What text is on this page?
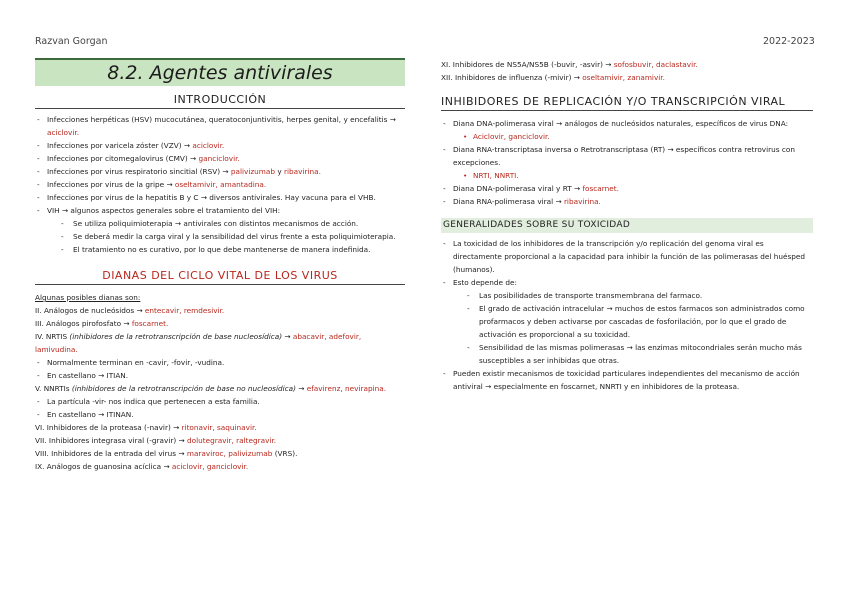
Razvan Gorgan	2022-2023
8.2. Agentes antivirales
INTRODUCCIÓN
- Infecciones herpéticas (HSV) mucocutánea, queratoconjuntivitis, herpes genital, y encefalitis → aciclovir.
- Infecciones por varicela zóster (VZV) → aciclovir.
- Infecciones por citomegalovirus (CMV) → ganciclovir.
- Infecciones por virus respiratorio sincitial (RSV) → palivizumab y ribavirina.
- Infecciones por virus de la gripe → oseltamivir, amantadina.
- Infecciones por virus de la hepatitis B y C → diversos antivirales. Hay vacuna para el VHB.
- VIH → algunos aspectos generales sobre el tratamiento del VIH:
- Se utiliza poliquimioterapia → antivirales con distintos mecanismos de acción.
- Se deberá medir la carga viral y la sensibilidad del virus frente a esta poliquimioterapia.
- El tratamiento no es curativo, por lo que debe mantenerse de manera indefinida.
DIANAS DEL CICLO VITAL DE LOS VIRUS

Algunas posibles dianas son:

II. Análogos de nucleósidos → entecavir, remdesivir.

III. Análogos pirofosfato → foscarnet.

IV. NRTIS (inhibidores de la retrotranscripción de base nucleosídica) → abacavir, adefovir, lamivudina.

- Normalmente terminan en -cavir, -fovir, -vudina.
- En castellano → ITIAN.

V. NNRTIs (inhibidores de la retrotranscripción de base no nucleosídica) → efavirenz, nevirapina.

- La partícula -vir- nos indica que pertenecen a esta familia.
- En castellano → ITINAN.

VI. Inhibidores de la proteasa (-navir) → ritonavir, saquinavir.

VII. Inhibidores integrasa viral (-gravir) → dolutegravir, raltegravir.

VIII. Inhibidores de la entrada del virus → maraviroc, palivizumab (VRS).

IX. Análogos de guanosina acíclica → aciclovir, ganciclovir.

XI. Inhibidores de NS5A/NS5B (-buvir, -asvir) → sofosbuvir, daclastavir.

XII. Inhibidores de influenza (-mivir) → oseltamivir, zanamivir.

INHIBIDORES DE REPLICACIÓN Y/O TRANSCRIPCIÓN VIRAL
- Diana DNA-polimerasa viral → análogos de nucleósidos naturales, específicos de virus DNA:
• Aciclovir, ganciclovir.
- Diana RNA-transcriptasa inversa o Retrotranscriptasa (RT) → específicos contra retrovirus con excepciones.
• NRTI, NNRTI.
- Diana DNA-polimerasa viral y RT → foscarnet.
- Diana RNA-polimerasa viral → ribavirina.
GENERALIDADES SOBRE SU TOXICIDAD
- La toxicidad de los inhibidores de la transcripción y/o replicación del genoma viral es directamente proporcional a la capacidad para inhibir la función de las polimerasas del huésped (humanos).
- Esto depende de:
- Las posibilidades de transporte transmembrana del farmaco.
- El grado de activación intracelular → muchos de estos farmacos son administrados como profarmacos y deben activarse por cascadas de fosforilación, por lo que el grado de activación es proporcional a su toxicidad.
- Sensibilidad de las mismas polimerasas → las enzimas mitocondriales serán mucho más susceptibles a ser inhibidas que otras.
- Pueden existir mecanismos de toxicidad particulares independientes del mecanismo de acción antiviral → especialmente en foscarnet, NNRTI y en inhibidores de la proteasa.
